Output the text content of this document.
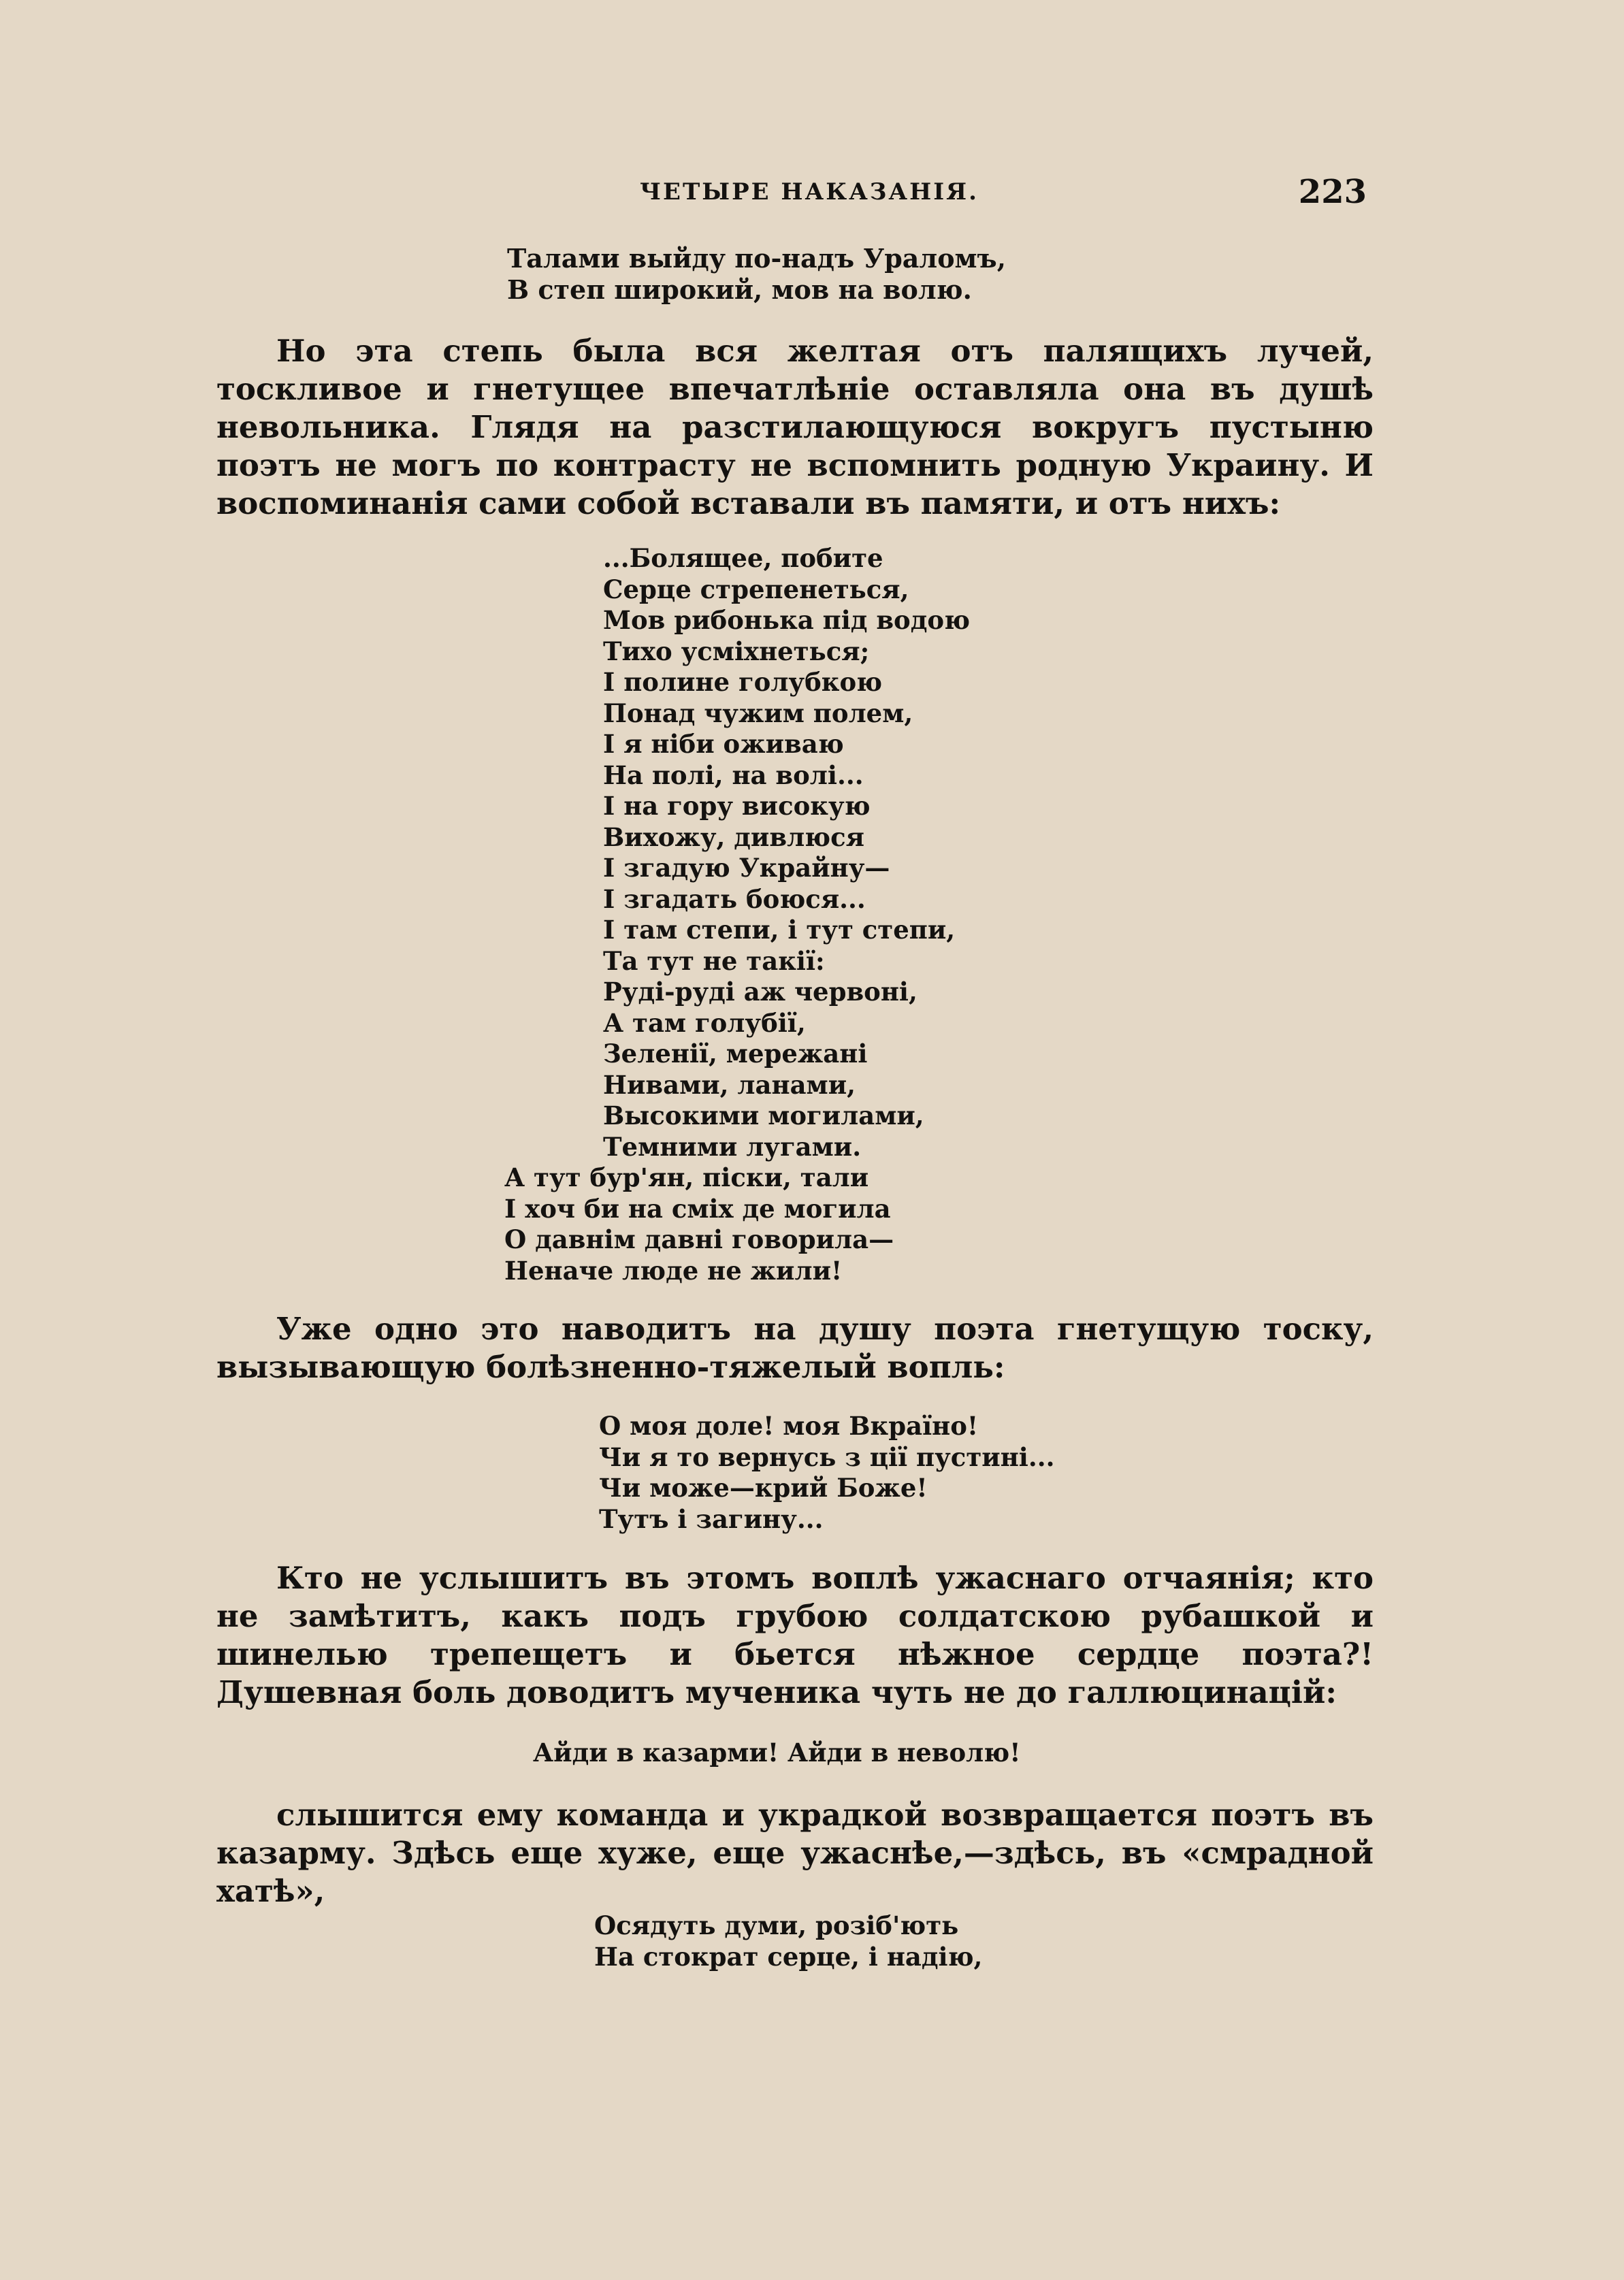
ЧЕТЫРЕ НАКАЗАНІЯ.	223
Талами выйду по-надъ Ураломъ,
В степ широкий, мов на волю.

Но эта степь была вся желтая отъ палящихъ лучей, тоскливое и гнетущее впечатлѣніе оставляла она въ душѣ невольника. Глядя на разстилающуюся вокругъ пустыню поэтъ не могъ по контрасту не вспомнить родную Украину. И воспоминанія сами собой вставали въ памяти, и отъ нихъ:

...Болящее, побите
Серце стрепенеться,
Мов рибонька під водою
Тихо усміхнеться;
І полине голубкою
Понад чужим полем,
І я ніби оживаю
На полі, на волі...
І на гору високую
Вихожу, дивлюся
І згадую Украйну—
І згадать боюся...
І там степи, і тут степи,
Та тут не такії:
Руді-руді аж червоні,
А там голубії,
Зеленії, мережані
Нивами, ланами,
Высокими могилами,
Темними лугами.
А тут бур'ян, піски, тали
І хоч би на сміх де могила
О давнім давні говорила—
Неначе люде не жили!

Уже одно это наводитъ на душу поэта гнетущую тоску, вызывающую болѣзненно-тяжелый вопль:

О моя доле! моя Вкраїно!
Чи я то вернусь з ції пустині...
Чи може—крий Боже!
Тутъ і загину...

Кто не услышитъ въ этомъ воплѣ ужаснаго отчаянія; кто не замѣтитъ, какъ подъ грубою солдатскою рубашкой и шинелью трепещетъ и бьется нѣжное сердце поэта?! Душевная боль доводитъ мученика чуть не до галлюцинацій:

Айди в казарми! Айди в неволю!

слышится ему команда и украдкой возвращается поэтъ въ казарму. Здѣсь еще хуже, еще ужаснѣе,—здѣсь, въ «смрадной хатѣ»,

Осядуть думи, розіб'ють
На стократ серце, і надію,
